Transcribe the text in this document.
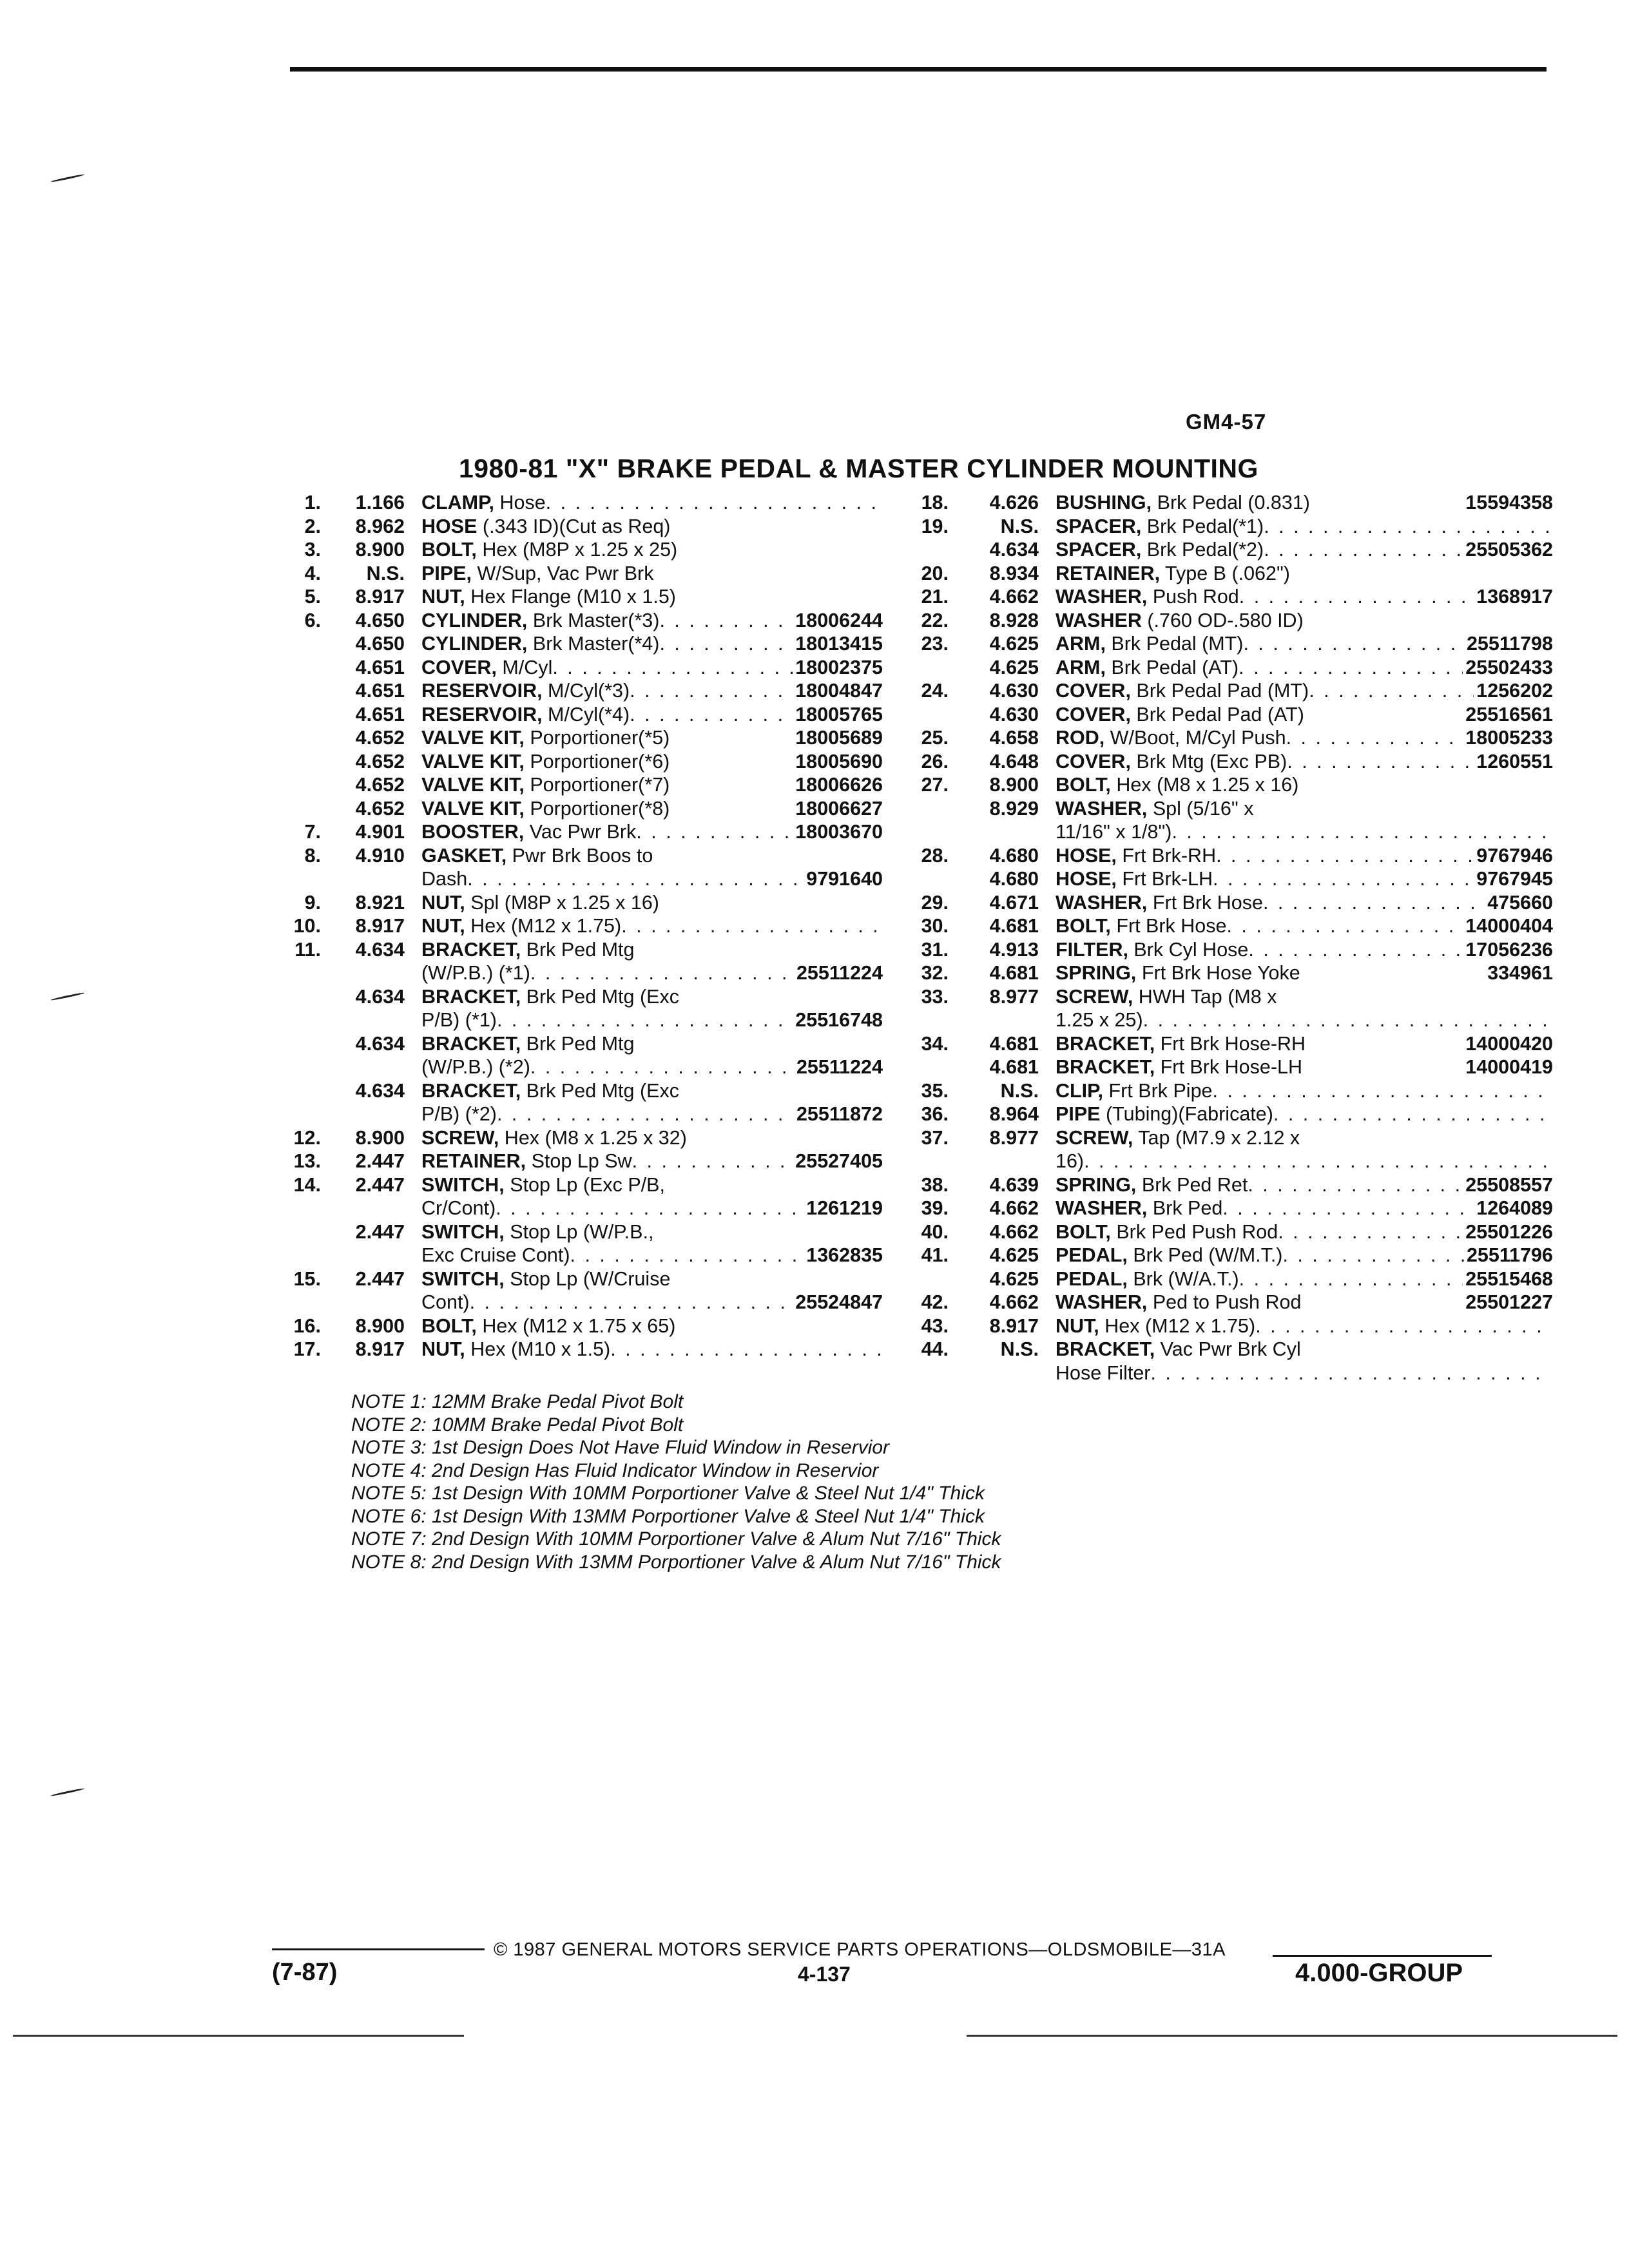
GM4-57
1980-81 "X" BRAKE PEDAL & MASTER CYLINDER MOUNTING
1.	1.166 CLAMP, Hose
. . .
2.	8.962 HOSE (.343 ID)(Cut as Req)
3.	8.900 BOLT, Hex (M8P x 1.25 x 25)
4.	N.S. PIPE, W/Sup, Vac Pwr Brk
5.	8.917 NUT, Hex Flange (M10 x 1.5)
6.	4.650 CYLINDER, Brk Master(*3) . . .	18006244
4.650 CYLINDER, Brk Master(*4) . . .	18013415
4.651 COVER, M/Cyl . . .	18002375
4.651 RESERVOIR, M/Cyl(*3) . . .	18004847
4.651 RESERVOIR, M/Cyl(*4) . . .	18005765
4.652 VALVE KIT, Porportioner(*5)	18005689
4.652 VALVE KIT, Porportioner(*6)	18005690
4.652 VALVE KIT, Porportioner(*7)	18006626
4.652 VALVE KIT, Porportioner(*8)	18006627
7.	4.901 BOOSTER, Vac Pwr Brk . . .	18003670
8.	4.910 GASKET, Pwr Brk Boos to
Dash . . .	9791640
9.	8.921 NUT, Spl (M8P x 1.25 x 16)
10.	8.917 NUT, Hex (M12 x 1.75)
. . .
11.	4.634 BRACKET, Brk Ped Mtg
(W/P.B.) (*1) . . .	25511224
4.634 BRACKET, Brk Ped Mtg (Exc
P/B) (*1) . . .	25516748
4.634 BRACKET, Brk Ped Mtg
(W/P.B.) (*2) . . .	25511224
4.634 BRACKET, Brk Ped Mtg (Exc
P/B) (*2) . . .	25511872
12.	8.900 SCREW, Hex (M8 x 1.25 x 32)
13.	2.447 RETAINER, Stop Lp Sw . . .	25527405
14.	2.447 SWITCH, Stop Lp (Exc P/B,
Cr/Cont) . . .	1261219
2.447 SWITCH, Stop Lp (W/P.B.,
Exc Cruise Cont) . . .	1362835
15.	2.447 SWITCH, Stop Lp (W/Cruise
Cont) . . .	25524847
16.	8.900 BOLT, Hex (M12 x 1.75 x 65)
17.	8.917 NUT, Hex (M10 x 1.5)
. . .
18.	4.626 BUSHING, Brk Pedal (0.831)	15594358
19.	N.S. SPACER, Brk Pedal(*1)
. . .
4.634 SPACER, Brk Pedal(*2) . . .	25505362
20.	8.934 RETAINER, Type B (.062")
21.	4.662 WASHER, Push Rod . . .	1368917
22.	8.928 WASHER (.760 OD-.580 ID)
23.	4.625 ARM, Brk Pedal (MT) . . .	25511798
4.625 ARM, Brk Pedal (AT) . . .	25502433
24.	4.630 COVER, Brk Pedal Pad (MT) . . .	1256202
4.630 COVER, Brk Pedal Pad (AT)	25516561
25.	4.658 ROD, W/Boot, M/Cyl Push . . .	18005233
26.	4.648 COVER, Brk Mtg (Exc PB) . . .	1260551
27.	8.900 BOLT, Hex (M8 x 1.25 x 16)
8.929 WASHER, Spl (5/16" x
11/16" x 1/8")
. . .
28.	4.680 HOSE, Frt Brk-RH . . .	9767946
4.680 HOSE, Frt Brk-LH . . .	9767945
29.	4.671 WASHER, Frt Brk Hose . . .	475660
30.	4.681 BOLT, Frt Brk Hose . . .	14000404
31.	4.913 FILTER, Brk Cyl Hose . . .	17056236
32.	4.681 SPRING, Frt Brk Hose Yoke	334961
33.	8.977 SCREW, HWH Tap (M8 x
1.25 x 25)
. . .
34.	4.681 BRACKET, Frt Brk Hose-RH	14000420
4.681 BRACKET, Frt Brk Hose-LH	14000419
35.	N.S. CLIP, Frt Brk Pipe
. . .
36.	8.964 PIPE (Tubing)(Fabricate)
. . .
37.	8.977 SCREW, Tap (M7.9 x 2.12 x
16)
. . .
38.	4.639 SPRING, Brk Ped Ret . . .	25508557
39.	4.662 WASHER, Brk Ped . . .	1264089
40.	4.662 BOLT, Brk Ped Push Rod . . .	25501226
41.	4.625 PEDAL, Brk Ped (W/M.T.) . . .	25511796
4.625 PEDAL, Brk (W/A.T.) . . .	25515468
42.	4.662 WASHER, Ped to Push Rod	25501227
43.	8.917 NUT, Hex (M12 x 1.75)
. . .
44.	N.S. BRACKET, Vac Pwr Brk Cyl
Hose Filter
. . .
NOTE 1: 12MM Brake Pedal Pivot Bolt
NOTE 2: 10MM Brake Pedal Pivot Bolt
NOTE 3: 1st Design Does Not Have Fluid Window in Reservior
NOTE 4: 2nd Design Has Fluid Indicator Window in Reservior
NOTE 5: 1st Design With 10MM Porportioner Valve & Steel Nut 1/4" Thick
NOTE 6: 1st Design With 13MM Porportioner Valve & Steel Nut 1/4" Thick
NOTE 7: 2nd Design With 10MM Porportioner Valve & Alum Nut 7/16" Thick
NOTE 8: 2nd Design With 13MM Porportioner Valve & Alum Nut 7/16" Thick
© 1987 GENERAL MOTORS SERVICE PARTS OPERATIONS—OLDSMOBILE—31A
(7-87)	4-137	4.000-GROUP
